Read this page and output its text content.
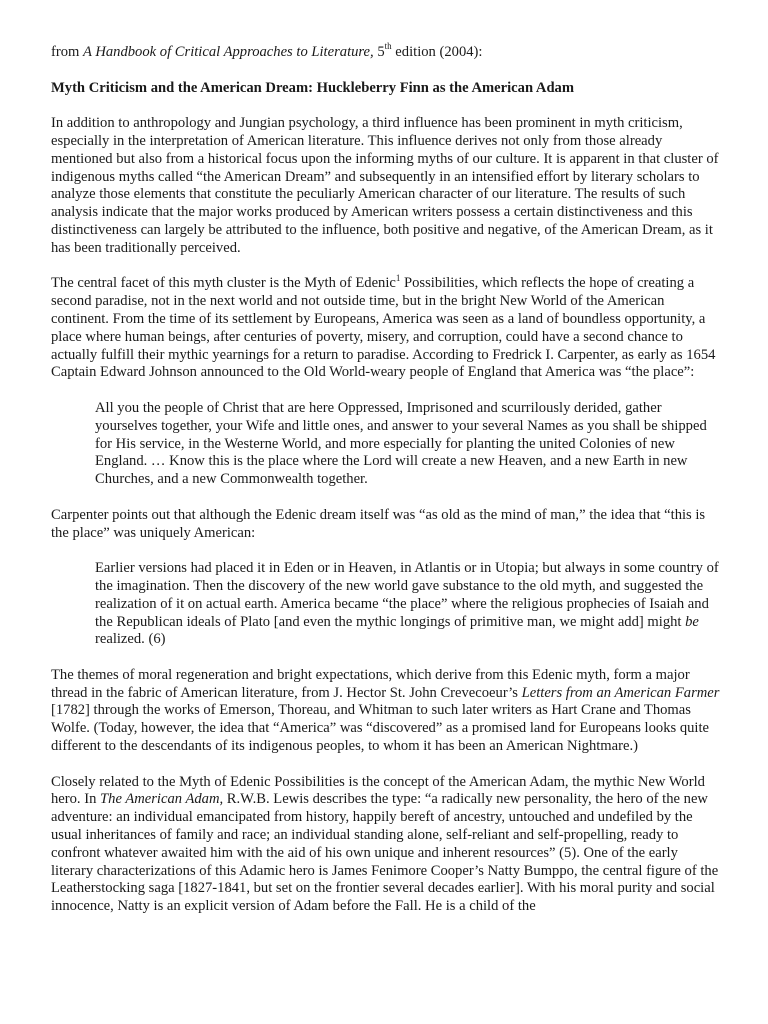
from A Handbook of Critical Approaches to Literature, 5th edition (2004):

Myth Criticism and the American Dream: Huckleberry Finn as the American Adam

In addition to anthropology and Jungian psychology, a third influence has been prominent in myth criticism, especially in the interpretation of American literature. This influence derives not only from those already mentioned but also from a historical focus upon the informing myths of our culture. It is apparent in that cluster of indigenous myths called “the American Dream” and subsequently in an intensified effort by literary scholars to analyze those elements that constitute the peculiarly American character of our literature. The results of such analysis indicate that the major works produced by American writers possess a certain distinctiveness and this distinctiveness can largely be attributed to the influence, both positive and negative, of the American Dream, as it has been traditionally perceived.

The central facet of this myth cluster is the Myth of Edenic$^1$ Possibilities, which reflects the hope of creating a second paradise, not in the next world and not outside time, but in the bright New World of the American continent. From the time of its settlement by Europeans, America was seen as a land of boundless opportunity, a place where human beings, after centuries of poverty, misery, and corruption, could have a second chance to actually fulfill their mythic yearnings for a return to paradise. According to Fredrick I. Carpenter, as early as 1654 Captain Edward Johnson announced to the Old World-weary people of England that America was “the place”:

All you the people of Christ that are here Oppressed, Imprisoned and scurrilously derided, gather yourselves together, your Wife and little ones, and answer to your several Names as you shall be shipped for His service, in the Westerne World, and more especially for planting the united Colonies of new England. … Know this is the place where the Lord will create a new Heaven, and a new Earth in new Churches, and a new Commonwealth together.

Carpenter points out that although the Edenic dream itself was “as old as the mind of man,” the idea that “this is the place” was uniquely American:

Earlier versions had placed it in Eden or in Heaven, in Atlantis or in Utopia; but always in some country of the imagination. Then the discovery of the new world gave substance to the old myth, and suggested the realization of it on actual earth. America became “the place” where the religious prophecies of Isaiah and the Republican ideals of Plato [and even the mythic longings of primitive man, we might add] might be realized. (6)

The themes of moral regeneration and bright expectations, which derive from this Edenic myth, form a major thread in the fabric of American literature, from J. Hector St. John Crevecoeur’s Letters from an American Farmer [1782] through the works of Emerson, Thoreau, and Whitman to such later writers as Hart Crane and Thomas Wolfe. (Today, however, the idea that “America” was “discovered” as a promised land for Europeans looks quite different to the descendants of its indigenous peoples, to whom it has been an American Nightmare.)

Closely related to the Myth of Edenic Possibilities is the concept of the American Adam, the mythic New World hero. In The American Adam, R.W.B. Lewis describes the type: “a radically new personality, the hero of the new adventure: an individual emancipated from history, happily bereft of ancestry, untouched and undefiled by the usual inheritances of family and race; an individual standing alone, self-reliant and self-propelling, ready to confront whatever awaited him with the aid of his own unique and inherent resources” (5). One of the early literary characterizations of this Adamic hero is James Fenimore Cooper’s Natty Bumppo, the central figure of the Leatherstocking saga [1827-1841, but set on the frontier several decades earlier]. With his moral purity and social innocence, Natty is an explicit version of Adam before the Fall. He is a child of the
